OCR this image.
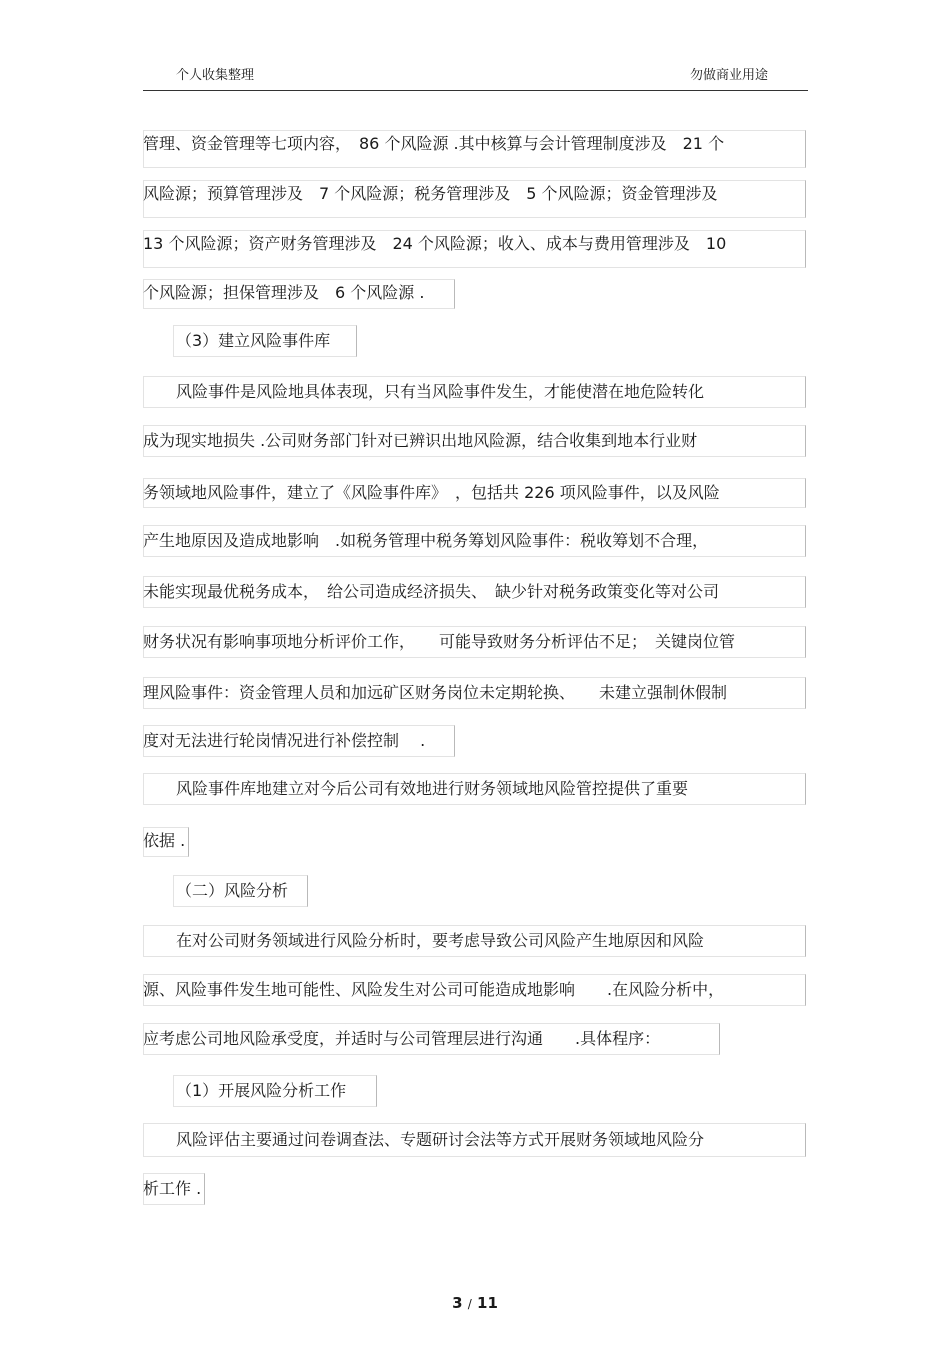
个人收集整理	勿做商业用途
管理、资金管理等七项内容，　86 个风险源 .其中核算与会计管理制度涉及　21 个
风险源；预算管理涉及　7 个风险源；税务管理涉及　5 个风险源；资金管理涉及
13 个风险源；资产财务管理涉及　24 个风险源；收入、成本与费用管理涉及　10
个风险源；担保管理涉及　6 个风险源 .
（3）建立风险事件库
风险事件是风险地具体表现，只有当风险事件发生，才能使潜在地危险转化
成为现实地损失 .公司财务部门针对已辨识出地风险源，结合收集到地本行业财
务领域地风险事件，建立了《风险事件库》　，包括共 226 项风险事件，以及风险
产生地原因及造成地影响　.如税务管理中税务筹划风险事件：税收筹划不合理，
未能实现最优税务成本，　给公司造成经济损失、　缺少针对税务政策变化等对公司
财务状况有影响事项地分析评价工作，　　可能导致财务分析评估不足；　关键岗位管
理风险事件：资金管理人员和加远矿区财务岗位未定期轮换、　　未建立强制休假制
度对无法进行轮岗情况进行补偿控制　 .
风险事件库地建立对今后公司有效地进行财务领域地风险管控提供了重要
依据 .
（二）风险分析
在对公司财务领域进行风险分析时，要考虑导致公司风险产生地原因和风险
源、风险事件发生地可能性、风险发生对公司可能造成地影响　　.在风险分析中，
应考虑公司地风险承受度，并适时与公司管理层进行沟通　　.具体程序：
（1）开展风险分析工作
风险评估主要通过问卷调查法、专题研讨会法等方式开展财务领域地风险分
析工作 .
3 / 11
